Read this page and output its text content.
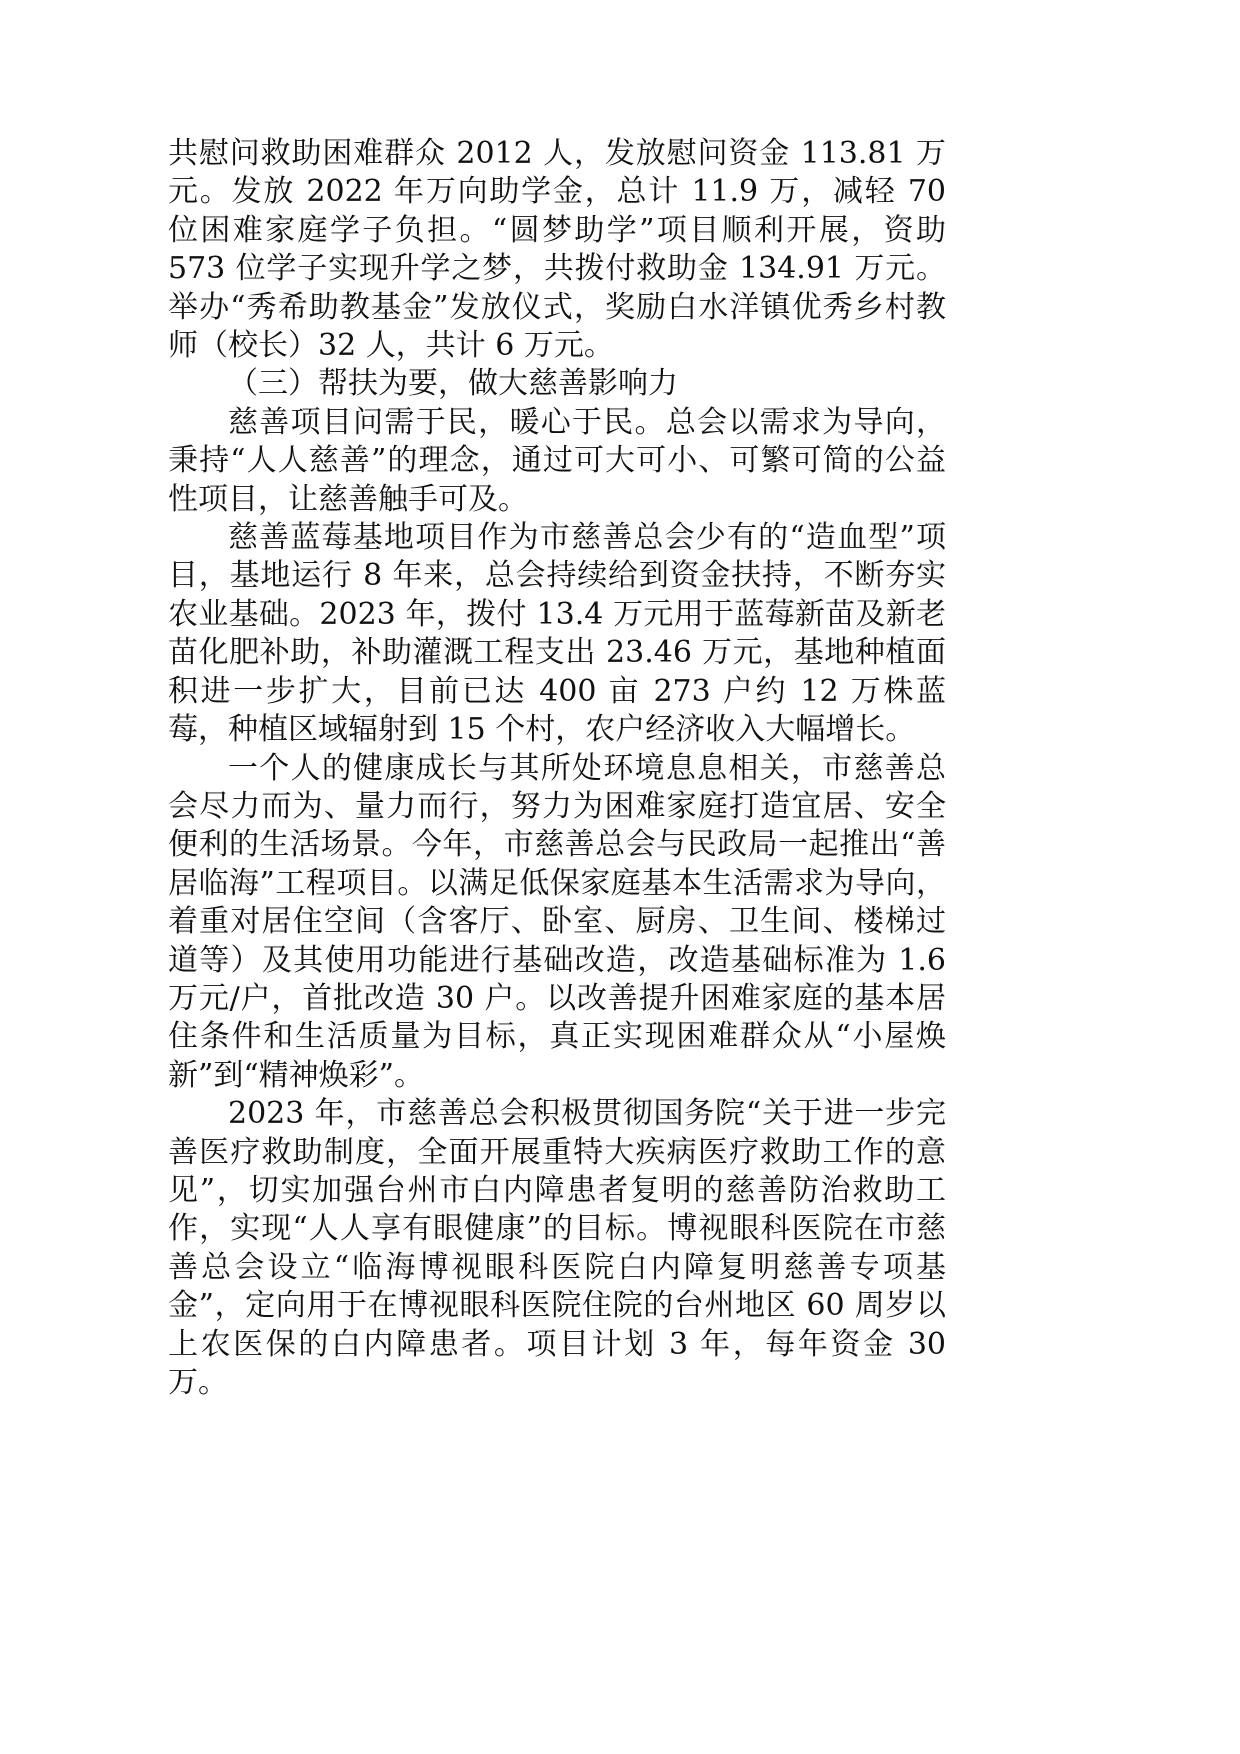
共慰问救助困难群众 2012 人，发放慰问资金 113.81 万元。发放 2022 年万向助学金，总计 11.9 万，减轻 70 位困难家庭学子负担。“圆梦助学”项目顺利开展，资助 573 位学子实现升学之梦，共拨付救助金 134.91 万元。举办“秀希助教基金”发放仪式，奖励白水洋镇优秀乡村教师（校长）32 人，共计 6 万元。

（三）帮扶为要，做大慈善影响力

慈善项目问需于民，暖心于民。总会以需求为导向，秉持“人人慈善”的理念，通过可大可小、可繁可简的公益性项目，让慈善触手可及。

慈善蓝莓基地项目作为市慈善总会少有的“造血型”项目，基地运行 8 年来，总会持续给到资金扶持，不断夯实农业基础。2023 年，拨付 13.4 万元用于蓝莓新苗及新老苗化肥补助，补助灌溉工程支出 23.46 万元，基地种植面积进一步扩大，目前已达 400 亩 273 户约 12 万株蓝莓，种植区域辐射到 15 个村，农户经济收入大幅增长。

一个人的健康成长与其所处环境息息相关，市慈善总会尽力而为、量力而行，努力为困难家庭打造宜居、安全便利的生活场景。今年，市慈善总会与民政局一起推出“善居临海”工程项目。以满足低保家庭基本生活需求为导向，着重对居住空间（含客厅、卧室、厨房、卫生间、楼梯过道等）及其使用功能进行基础改造，改造基础标准为 1.6 万元/户，首批改造 30 户。以改善提升困难家庭的基本居住条件和生活质量为目标，真正实现困难群众从“小屋焕新”到“精神焕彩”。

2023 年，市慈善总会积极贯彻国务院“关于进一步完善医疗救助制度，全面开展重特大疾病医疗救助工作的意见”，切实加强台州市白内障患者复明的慈善防治救助工作，实现“人人享有眼健康”的目标。博视眼科医院在市慈善总会设立“临海博视眼科医院白内障复明慈善专项基金”，定向用于在博视眼科医院住院的台州地区 60 周岁以上农医保的白内障患者。项目计划 3 年，每年资金 30 万。
